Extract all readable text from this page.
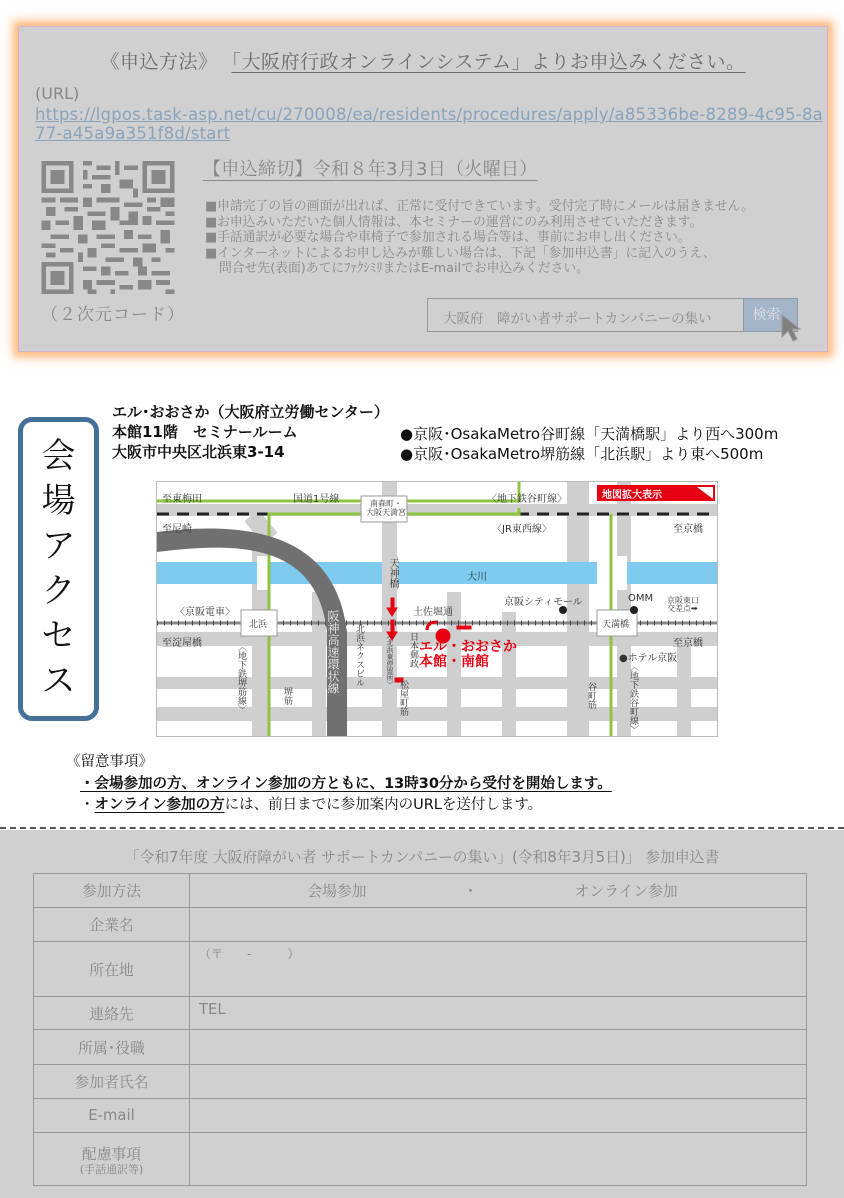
《申込方法》 「大阪府行政オンラインシステム」よりお申込みください。
(URL)
https://lgpos.task-asp.net/cu/270008/ea/residents/procedures/apply/a85336be-8289-4c95-8a77-a45a9a351f8d/start
（２次元コード）
【申込締切】令和８年3月3日（火曜日）
■申請完了の旨の画面が出れば、正常に受付できています。受付完了時にメールは届きません。
■お申込みいただいた個人情報は、本セミナーの運営にのみ利用させていただきます。
■手話通訳が必要な場合や車椅子で参加される場合等は、事前にお申し出ください。
■インターネットによるお申し込みが難しい場合は、下記「参加申込書」に記入のうえ、
問合せ先(表面)あてにﾌｧｸｼﾐﾘまたはE-mailでお申込みください。
大阪府　障がい者サポートカンパニーの集い	検索
会
場
ア
ク
セ
ス
エル･おおさか（大阪府立労働センター）
本館11階　セミナールーム
大阪市中央区北浜東3-14
●京阪･OsakaMetro谷町線「天満橋駅」より西へ300m
●京阪･OsakaMetro堺筋線「北浜駅」より東へ500m
至東梅田	国道1号線	南森町・
大阪天満宮
〈地下鉄谷町線〉	地図拡大表示
至尼崎	〈JR東西線〉	至京橋
天神橋	大川
〈京阪電車〉	土佐堀通
京阪シティモール	OMM 京阪東口
交差点➡
北浜	天満橋
至淀屋橋	至京橋
〈地下鉄堺筋線〉	阪神高速環状線 北浜ネクスビル	（北浜東停留所） 日本郵政 エル・おおさか
本館・南館	●ホテル京阪
〈地下鉄谷町線〉
堺筋	松屋町筋	谷町筋
《留意事項》
・会場参加の方、オンライン参加の方ともに、13時30分から受付を開始します。
・オンライン参加の方には、前日までに参加案内のURLを送付します。
「令和7年度 大阪府障がい者 サポートカンパニーの集い」(令和8年3月5日)」 参加申込書
参加方法	会場参加 ・ オンライン参加

企業名	
所在地	（〒　　-　　　）
連絡先	TEL
所属･役職	
参加者氏名	
E-mail	
配慮事項
(手話通訳等)	
